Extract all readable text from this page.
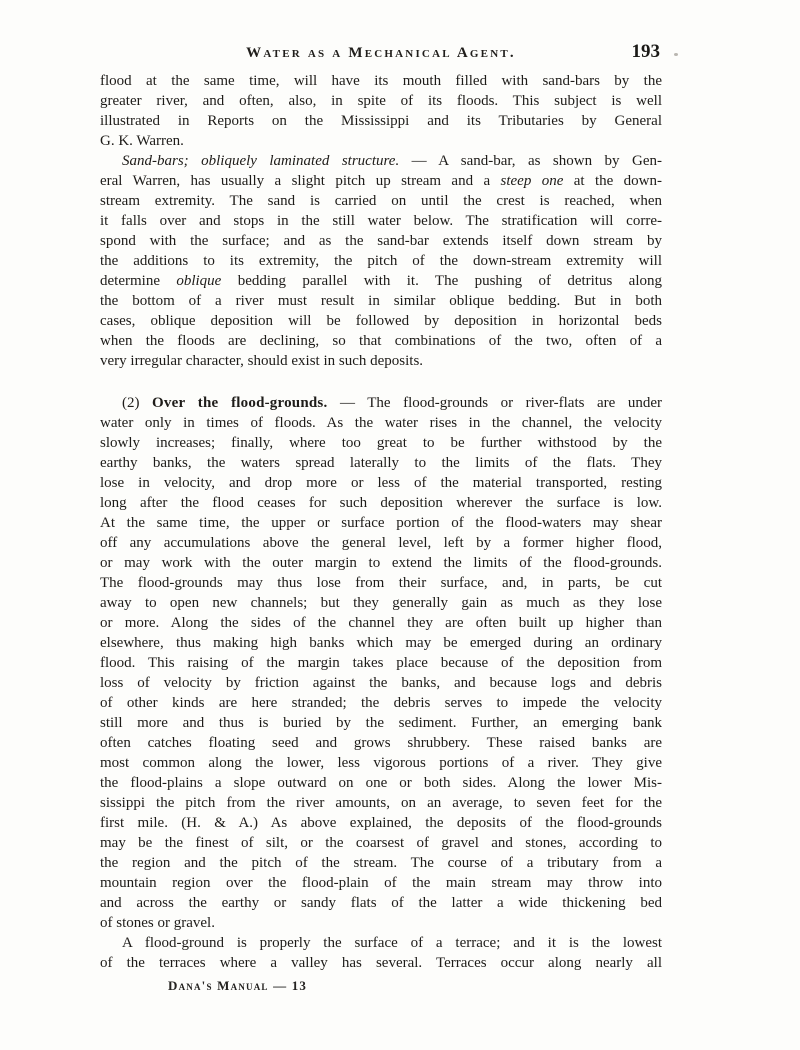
Water as a Mechanical Agent.	193
flood at the same time, will have its mouth filled with sand-bars by the
greater river, and often, also, in spite of its floods. This subject is well
illustrated in Reports on the Mississippi and its Tributaries by General
G. K. Warren.
Sand-bars; obliquely laminated structure. — A sand-bar, as shown by Gen-
eral Warren, has usually a slight pitch up stream and a steep one at the down-
stream extremity. The sand is carried on until the crest is reached, when
it falls over and stops in the still water below. The stratification will corre-
spond with the surface; and as the sand-bar extends itself down stream by
the additions to its extremity, the pitch of the down-stream extremity will
determine oblique bedding parallel with it. The pushing of detritus along
the bottom of a river must result in similar oblique bedding. But in both
cases, oblique deposition will be followed by deposition in horizontal beds
when the floods are declining, so that combinations of the two, often of a
very irregular character, should exist in such deposits.
(2) Over the flood-grounds. — The flood-grounds or river-flats are under
water only in times of floods. As the water rises in the channel, the velocity
slowly increases; finally, where too great to be further withstood by the
earthy banks, the waters spread laterally to the limits of the flats. They
lose in velocity, and drop more or less of the material transported, resting
long after the flood ceases for such deposition wherever the surface is low.
At the same time, the upper or surface portion of the flood-waters may shear
off any accumulations above the general level, left by a former higher flood,
or may work with the outer margin to extend the limits of the flood-grounds.
The flood-grounds may thus lose from their surface, and, in parts, be cut
away to open new channels; but they generally gain as much as they lose
or more. Along the sides of the channel they are often built up higher than
elsewhere, thus making high banks which may be emerged during an ordinary
flood. This raising of the margin takes place because of the deposition from
loss of velocity by friction against the banks, and because logs and debris
of other kinds are here stranded; the debris serves to impede the velocity
still more and thus is buried by the sediment. Further, an emerging bank
often catches floating seed and grows shrubbery. These raised banks are
most common along the lower, less vigorous portions of a river. They give
the flood-plains a slope outward on one or both sides. Along the lower Mis-
sissippi the pitch from the river amounts, on an average, to seven feet for the
first mile. (H. & A.) As above explained, the deposits of the flood-grounds
may be the finest of silt, or the coarsest of gravel and stones, according to
the region and the pitch of the stream. The course of a tributary from a
mountain region over the flood-plain of the main stream may throw into
and across the earthy or sandy flats of the latter a wide thickening bed
of stones or gravel.
A flood-ground is properly the surface of a terrace; and it is the lowest
of the terraces where a valley has several. Terraces occur along nearly all
Dana's Manual — 13
